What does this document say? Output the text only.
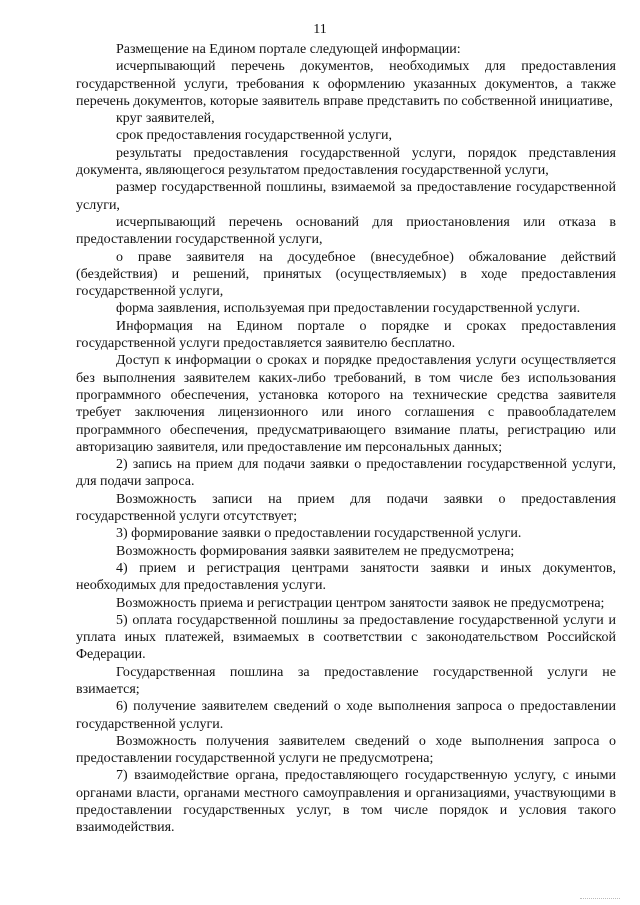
11

Размещение на Едином портале следующей информации:

исчерпывающий перечень документов, необходимых для предоставления государственной услуги, требования к оформлению указанных документов, а также перечень документов, которые заявитель вправе представить по собственной инициативе,

круг заявителей,

срок предоставления государственной услуги,

результаты предоставления государственной услуги, порядок представления документа, являющегося результатом предоставления государственной услуги,

размер государственной пошлины, взимаемой за предоставление государственной услуги,

исчерпывающий перечень оснований для приостановления или отказа в предоставлении государственной услуги,

о праве заявителя на досудебное (внесудебное) обжалование действий (бездействия) и решений, принятых (осуществляемых) в ходе предоставления государственной услуги,

форма заявления, используемая при предоставлении государственной услуги.

Информация на Едином портале о порядке и сроках предоставления государственной услуги предоставляется заявителю бесплатно.

Доступ к информации о сроках и порядке предоставления услуги осуществляется без выполнения заявителем каких-либо требований, в том числе без использования программного обеспечения, установка которого на технические средства заявителя требует заключения лицензионного или иного соглашения с правообладателем программного обеспечения, предусматривающего взимание платы, регистрацию или авторизацию заявителя, или предоставление им персональных данных;

2) запись на прием для подачи заявки о предоставлении государственной услуги, для подачи запроса.

Возможность записи на прием для подачи заявки о предоставления государственной услуги отсутствует;

3) формирование заявки о предоставлении государственной услуги.

Возможность формирования заявки заявителем не предусмотрена;

4) прием и регистрация центрами занятости заявки и иных документов, необходимых для предоставления услуги.

Возможность приема и регистрации центром занятости заявок не предусмотрена;

5) оплата государственной пошлины за предоставление государственной услуги и уплата иных платежей, взимаемых в соответствии с законодательством Российской Федерации.

Государственная пошлина за предоставление государственной услуги не взимается;

6) получение заявителем сведений о ходе выполнения запроса о предоставлении государственной услуги.

Возможность получения заявителем сведений о ходе выполнения запроса о предоставлении государственной услуги не предусмотрена;

7) взаимодействие органа, предоставляющего государственную услугу, с иными органами власти, органами местного самоуправления и организациями, участвующими в предоставлении государственных услуг, в том числе порядок и условия такого взаимодействия.
